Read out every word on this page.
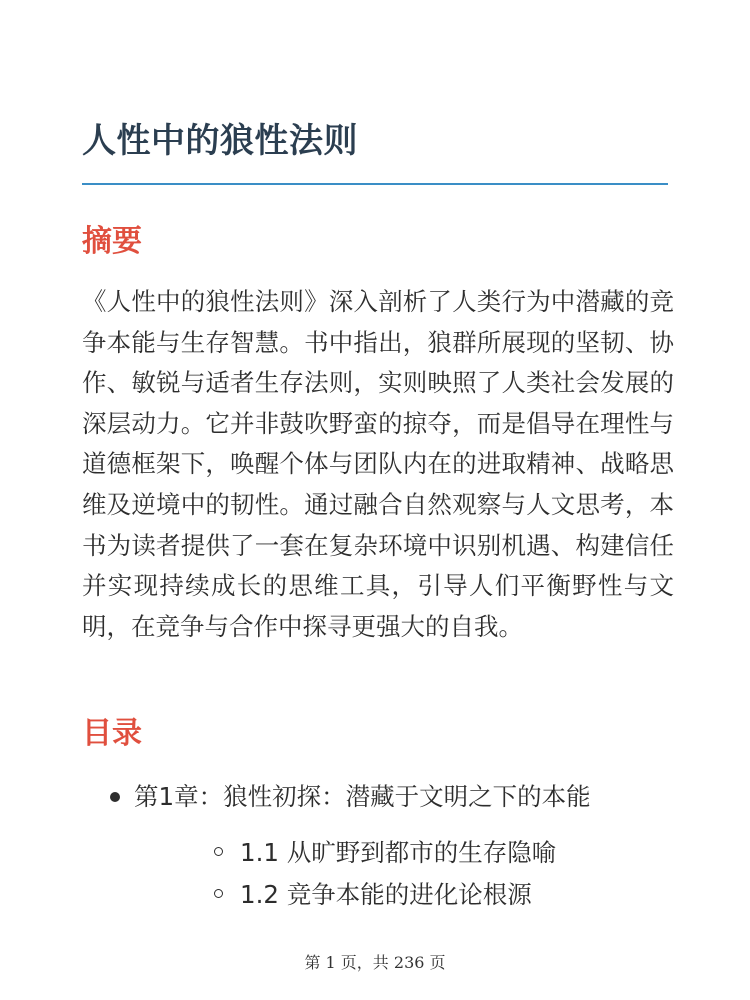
人性中的狼性法则
摘要

《人性中的狼性法则》深入剖析了人类行为中潜藏的竞争本能与生存智慧。书中指出，狼群所展现的坚韧、协作、敏锐与适者生存法则，实则映照了人类社会发展的深层动力。它并非鼓吹野蛮的掠夺，而是倡导在理性与道德框架下，唤醒个体与团队内在的进取精神、战略思维及逆境中的韧性。通过融合自然观察与人文思考，本书为读者提供了一套在复杂环境中识别机遇、构建信任并实现持续成长的思维工具，引导人们平衡野性与文明，在竞争与合作中探寻更强大的自我。

目录
第1章：狼性初探：潜藏于文明之下的本能
1.1 从旷野到都市的生存隐喻
1.2 竞争本能的进化论根源
第 1 页，共 236 页
